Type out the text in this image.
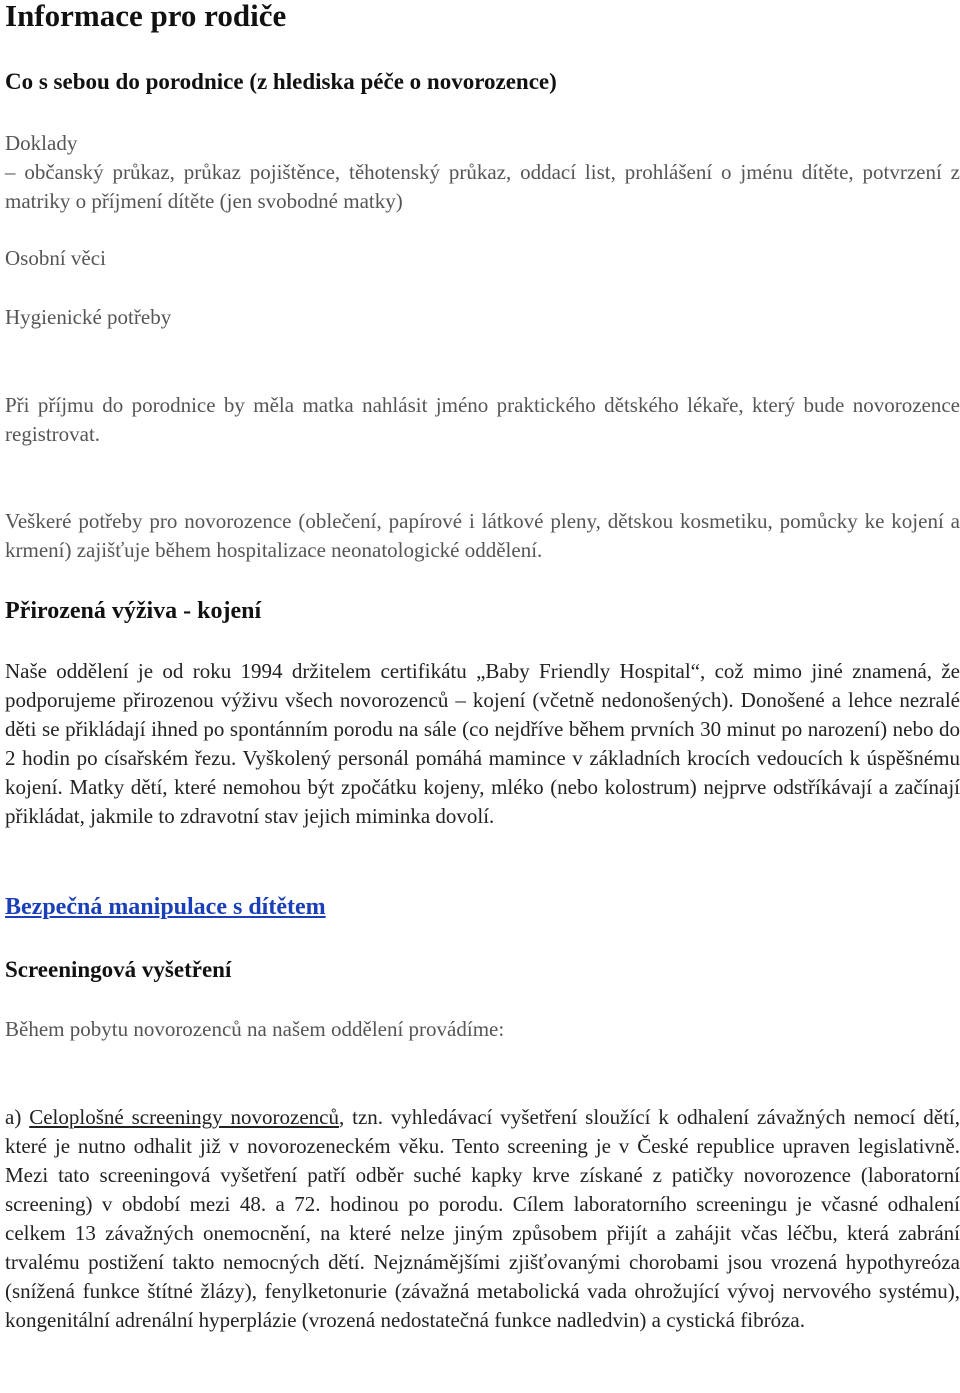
Informace pro rodiče
Co s sebou do porodnice (z hlediska péče o novorozence)
Doklady
– občanský průkaz, průkaz pojištěnce, těhotenský průkaz, oddací list, prohlášení o jménu dítěte, potvrzení z matriky o příjmení dítěte (jen svobodné matky)
Osobní věci
Hygienické potřeby
Při příjmu do porodnice by měla matka nahlásit jméno praktického dětského lékaře, který bude novorozence registrovat.
Veškeré potřeby pro novorozence (oblečení, papírové i látkové pleny, dětskou kosmetiku, pomůcky ke kojení a krmení) zajišťuje během hospitalizace neonatologické oddělení.
Přirozená výživa - kojení
Naše oddělení je od roku 1994 držitelem certifikátu „Baby Friendly Hospital“, což mimo jiné znamená, že podporujeme přirozenou výživu všech novorozenců – kojení (včetně nedonošených). Donošené a lehce nezralé děti se přikládají ihned po spontánním porodu na sále (co nejdříve během prvních 30 minut po narození) nebo do 2 hodin po císařském řezu. Vyškolený personál pomáhá mamince v základních krocích vedoucích k úspěšnému kojení. Matky dětí, které nemohou být zpočátku kojeny, mléko (nebo kolostrum) nejprve odstříkávají a začínají přikládat, jakmile to zdravotní stav jejich miminka dovolí.
Bezpečná manipulace s dítětem
Screeningová vyšetření
Během pobytu novorozenců na našem oddělení provádíme:
a) Celoplošné screeningy novorozenců, tzn. vyhledávací vyšetření sloužící k odhalení závažných nemocí dětí, které je nutno odhalit již v novorozeneckém věku. Tento screening je v České republice upraven legislativně. Mezi tato screeningová vyšetření patří odběr suché kapky krve získané z patičky novorozence (laboratorní screening) v období mezi 48. a 72. hodinou po porodu. Cílem laboratorního screeningu je včasné odhalení celkem 13 závažných onemocnění, na které nelze jiným způsobem přijít a zahájit včas léčbu, která zabrání trvalému postižení takto nemocných dětí. Nejznámějšími zjišťovanými chorobami jsou vrozená hypothyreóza (snížená funkce štítné žlázy), fenylketonurie (závažná metabolická vada ohrožující vývoj nervového systému), kongenitální adrenální hyperplázie (vrozená nedostatečná funkce nadledvin) a cystická fibróza.
